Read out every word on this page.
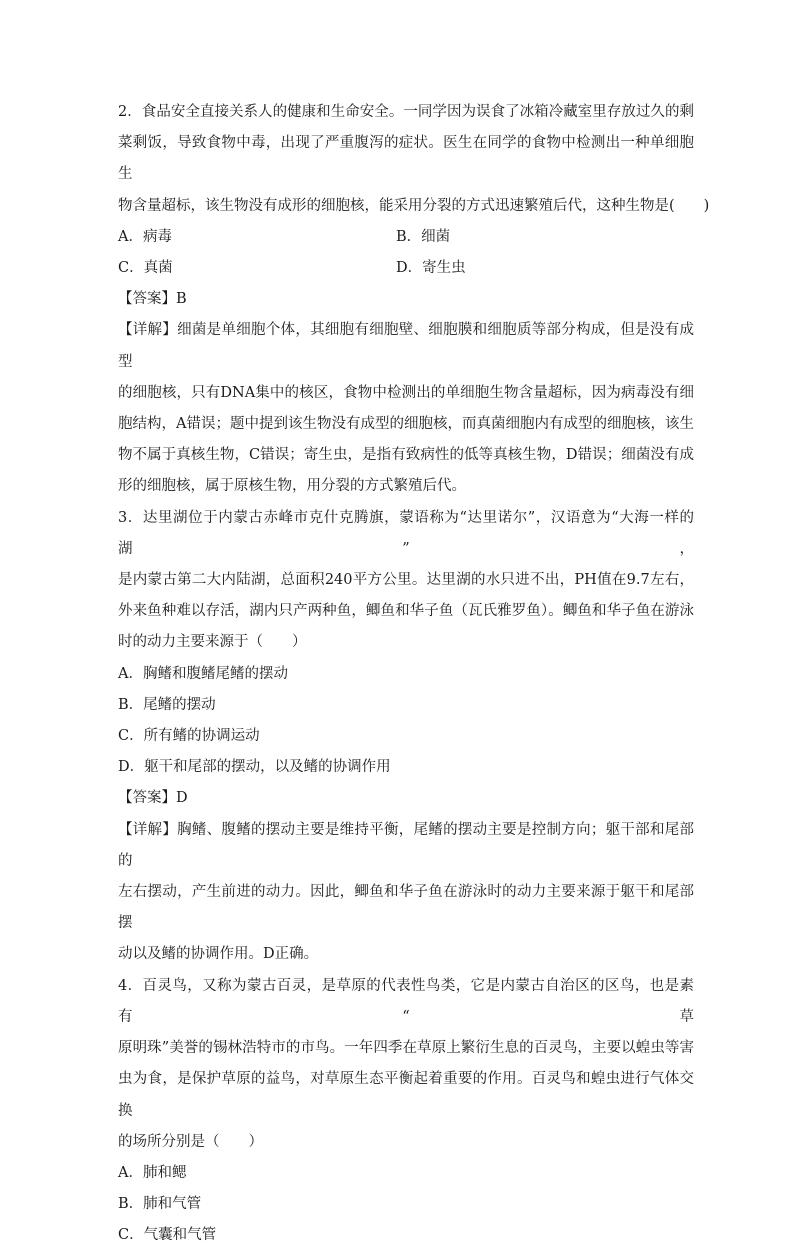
2．食品安全直接关系人的健康和生命安全。一同学因为误食了冰箱冷藏室里存放过久的剩
菜剩饭，导致食物中毒，出现了严重腹泻的症状。医生在同学的食物中检测出一种单细胞生
物含量超标，该生物没有成形的细胞核，能采用分裂的方式迅速繁殖后代，这种生物是(　　)
A．病毒	B．细菌
C．真菌	D．寄生虫
【答案】B
【详解】细菌是单细胞个体，其细胞有细胞壁、细胞膜和细胞质等部分构成，但是没有成型
的细胞核，只有DNA集中的核区，食物中检测出的单细胞生物含量超标，因为病毒没有细
胞结构，A错误；题中提到该生物没有成型的细胞核，而真菌细胞内有成型的细胞核，该生
物不属于真核生物，C错误；寄生虫，是指有致病性的低等真核生物，D错误；细菌没有成
形的细胞核，属于原核生物，用分裂的方式繁殖后代。
3．达里湖位于内蒙古赤峰市克什克腾旗，蒙语称为“达里诺尔”，汉语意为“大海一样的湖”，
是内蒙古第二大内陆湖，总面积240平方公里。达里湖的水只进不出，PH值在9.7左右，
外来鱼种难以存活，湖内只产两种鱼，鲫鱼和华子鱼（瓦氏雅罗鱼）。鲫鱼和华子鱼在游泳
时的动力主要来源于（　　）
A．胸鳍和腹鳍尾鳍的摆动
B．尾鳍的摆动
C．所有鳍的协调运动
D．躯干和尾部的摆动，以及鳍的协调作用
【答案】D
【详解】胸鳍、腹鳍的摆动主要是维持平衡，尾鳍的摆动主要是控制方向；躯干部和尾部的
左右摆动，产生前进的动力。因此，鲫鱼和华子鱼在游泳时的动力主要来源于躯干和尾部摆
动以及鳍的协调作用。D正确。
4．百灵鸟，又称为蒙古百灵，是草原的代表性鸟类，它是内蒙古自治区的区鸟，也是素有“草
原明珠”美誉的锡林浩特市的市鸟。一年四季在草原上繁衍生息的百灵鸟，主要以蝗虫等害
虫为食，是保护草原的益鸟，对草原生态平衡起着重要的作用。百灵鸟和蝗虫进行气体交换
的场所分别是（　　）
A．肺和鳃
B．肺和气管
C．气囊和气管
